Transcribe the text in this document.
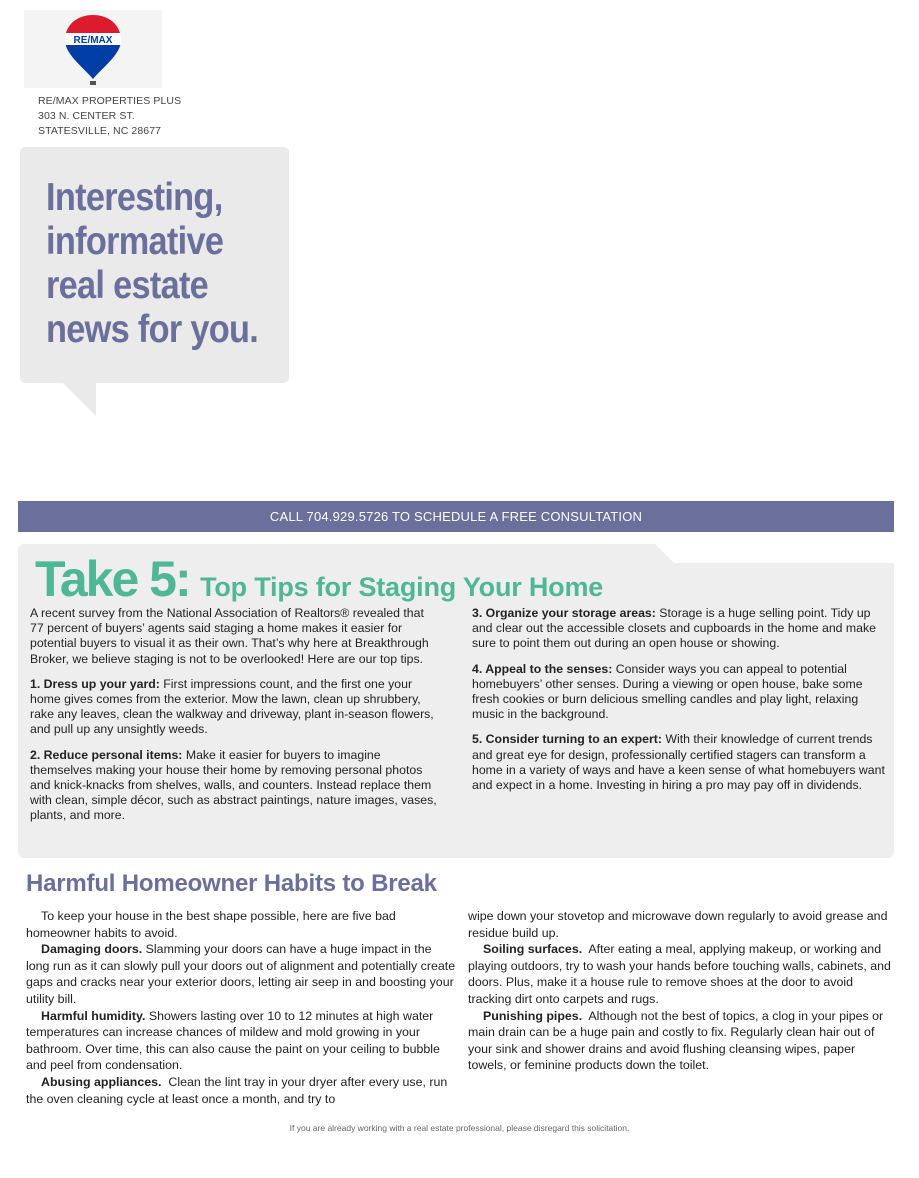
RE/MAX
RE/MAX PROPERTIES PLUS
303 N. CENTER ST.
STATESVILLE, NC 28677
Interesting,
informative
real estate
news for you.
CALL 704.929.5726 TO SCHEDULE A FREE CONSULTATION
Take 5: Top Tips for Staging Your Home

A recent survey from the National Association of Realtors® revealed that 77 percent of buyers’ agents said staging a home makes it easier for potential buyers to visual it as their own. That’s why here at Breakthrough Broker, we believe staging is not to be overlooked! Here are our top tips.

1. Dress up your yard: First impressions count, and the first one your home gives comes from the exterior. Mow the lawn, clean up shrubbery, rake any leaves, clean the walkway and driveway, plant in-season flowers, and pull up any unsightly weeds.

2. Reduce personal items: Make it easier for buyers to imagine themselves making your house their home by removing personal photos and knick-knacks from shelves, walls, and counters. Instead replace them with clean, simple décor, such as abstract paintings, nature images, vases, plants, and more.

3. Organize your storage areas: Storage is a huge selling point. Tidy up and clear out the accessible closets and cupboards in the home and make sure to point them out during an open house or showing.

4. Appeal to the senses: Consider ways you can appeal to potential homebuyers’ other senses. During a viewing or open house, bake some fresh cookies or burn delicious smelling candles and play light, relaxing music in the background.

5. Consider turning to an expert: With their knowledge of current trends and great eye for design, professionally certified stagers can transform a home in a variety of ways and have a keen sense of what homebuyers want and expect in a home. Investing in hiring a pro may pay off in dividends.

Harmful Homeowner Habits to Break

To keep your house in the best shape possible, here are five bad homeowner habits to avoid.

Damaging doors. Slamming your doors can have a huge impact in the long run as it can slowly pull your doors out of alignment and potentially create gaps and cracks near your exterior doors, letting air seep in and boosting your utility bill.

Harmful humidity. Showers lasting over 10 to 12 minutes at high water temperatures can increase chances of mildew and mold growing in your bathroom. Over time, this can also cause the paint on your ceiling to bubble and peel from condensation.

Abusing appliances. Clean the lint tray in your dryer after every use, run the oven cleaning cycle at least once a month, and try to

wipe down your stovetop and microwave down regularly to avoid grease and residue build up.

Soiling surfaces. After eating a meal, applying makeup, or working and playing outdoors, try to wash your hands before touching walls, cabinets, and doors. Plus, make it a house rule to remove shoes at the door to avoid tracking dirt onto carpets and rugs.

Punishing pipes. Although not the best of topics, a clog in your pipes or main drain can be a huge pain and costly to fix. Regularly clean hair out of your sink and shower drains and avoid flushing cleansing wipes, paper towels, or feminine products down the toilet.

If you are already working with a real estate professional, please disregard this solicitation.
